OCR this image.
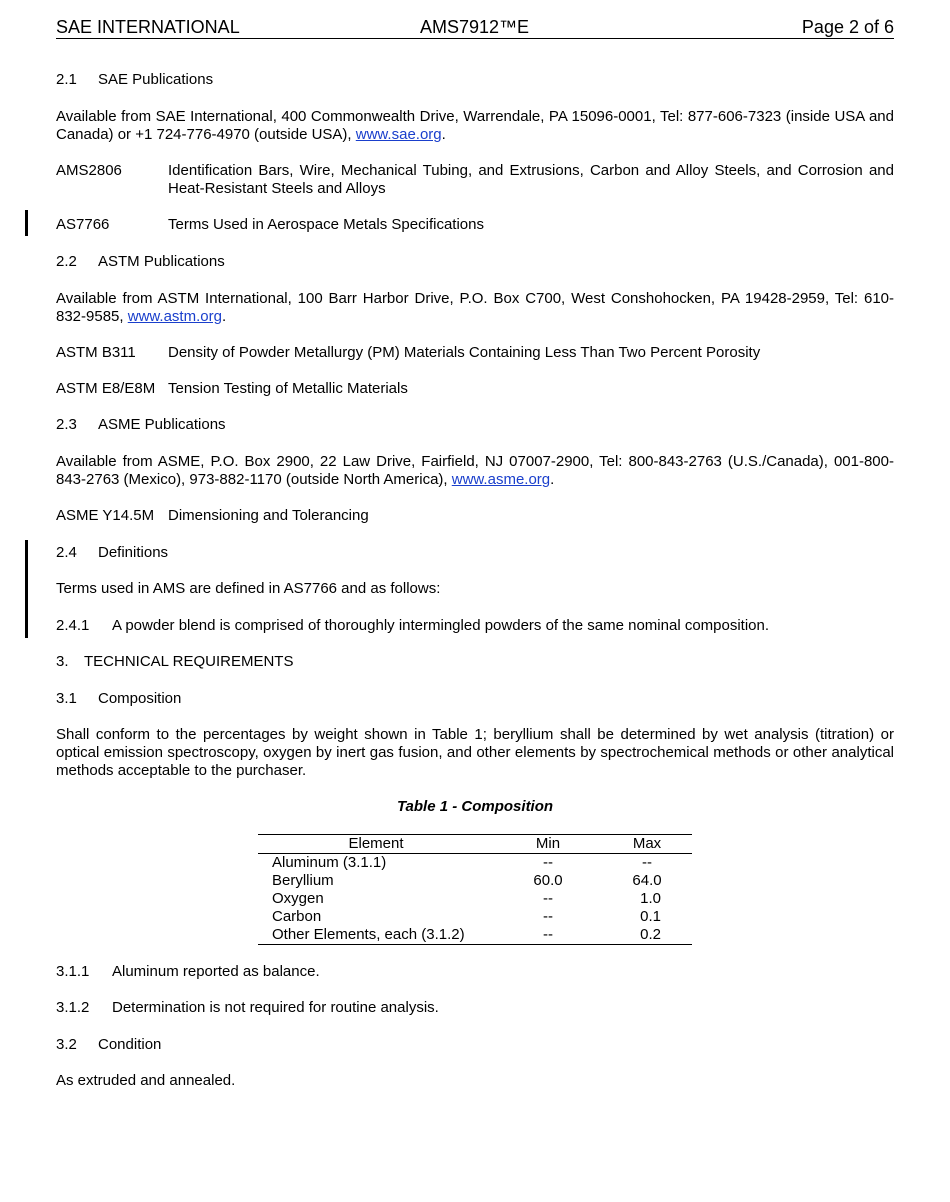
SAE INTERNATIONAL	AMS7912™E	Page 2 of 6
2.1 SAE Publications
Available from SAE International, 400 Commonwealth Drive, Warrendale, PA 15096-0001, Tel: 877-606-7323 (inside USA and Canada) or +1 724-776-4970 (outside USA), www.sae.org.
AMS2806	Identification Bars, Wire, Mechanical Tubing, and Extrusions, Carbon and Alloy Steels, and Corrosion and Heat-Resistant Steels and Alloys
AS7766	Terms Used in Aerospace Metals Specifications
2.2 ASTM Publications
Available from ASTM International, 100 Barr Harbor Drive, P.O. Box C700, West Conshohocken, PA 19428-2959, Tel: 610-832-9585, www.astm.org.
ASTM B311	Density of Powder Metallurgy (PM) Materials Containing Less Than Two Percent Porosity
ASTM E8/E8M Tension Testing of Metallic Materials
2.3 ASME Publications
Available from ASME, P.O. Box 2900, 22 Law Drive, Fairfield, NJ 07007-2900, Tel: 800-843-2763 (U.S./Canada), 001-800-843-2763 (Mexico), 973-882-1170 (outside North America), www.asme.org.
ASME Y14.5M Dimensioning and Tolerancing
2.4 Definitions
Terms used in AMS are defined in AS7766 and as follows:
2.4.1 A powder blend is comprised of thoroughly intermingled powders of the same nominal composition.
3. TECHNICAL REQUIREMENTS
3.1 Composition
Shall conform to the percentages by weight shown in Table 1; beryllium shall be determined by wet analysis (titration) or optical emission spectroscopy, oxygen by inert gas fusion, and other elements by spectrochemical methods or other analytical methods acceptable to the purchaser.
Table 1 - Composition
Element	Min	Max
Aluminum (3.1.1)	--	--
Beryllium	60.0	64.0
Oxygen	--	1.0
Carbon	--	0.1
Other Elements, each (3.1.2)	--	0.2
3.1.1 Aluminum reported as balance.
3.1.2 Determination is not required for routine analysis.
3.2 Condition
As extruded and annealed.
